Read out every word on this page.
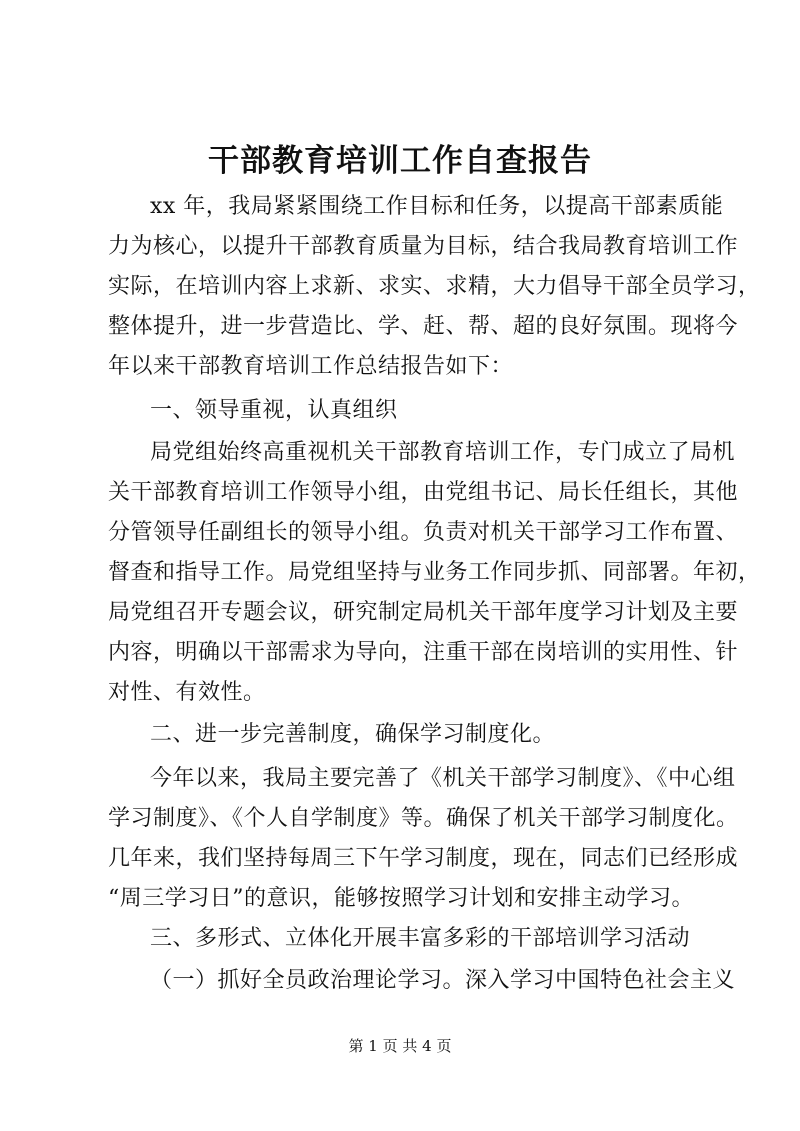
干部教育培训工作自查报告
xx 年，我局紧紧围绕工作目标和任务，以提高干部素质能
力为核心，以提升干部教育质量为目标，结合我局教育培训工作
实际，在培训内容上求新、求实、求精，大力倡导干部全员学习，
整体提升，进一步营造比、学、赶、帮、超的良好氛围。现将今
年以来干部教育培训工作总结报告如下：
一、领导重视，认真组织
局党组始终高重视机关干部教育培训工作，专门成立了局机
关干部教育培训工作领导小组，由党组书记、局长任组长，其他
分管领导任副组长的领导小组。负责对机关干部学习工作布置、
督查和指导工作。局党组坚持与业务工作同步抓、同部署。年初，
局党组召开专题会议，研究制定局机关干部年度学习计划及主要
内容，明确以干部需求为导向，注重干部在岗培训的实用性、针
对性、有效性。
二、进一步完善制度，确保学习制度化。
今年以来，我局主要完善了《机关干部学习制度》、《中心组
学习制度》、《个人自学制度》等。确保了机关干部学习制度化。
几年来，我们坚持每周三下午学习制度，现在，同志们已经形成
“周三学习日”的意识，能够按照学习计划和安排主动学习。
三、多形式、立体化开展丰富多彩的干部培训学习活动
（一）抓好全员政治理论学习。深入学习中国特色社会主义
第 1 页 共 4 页
